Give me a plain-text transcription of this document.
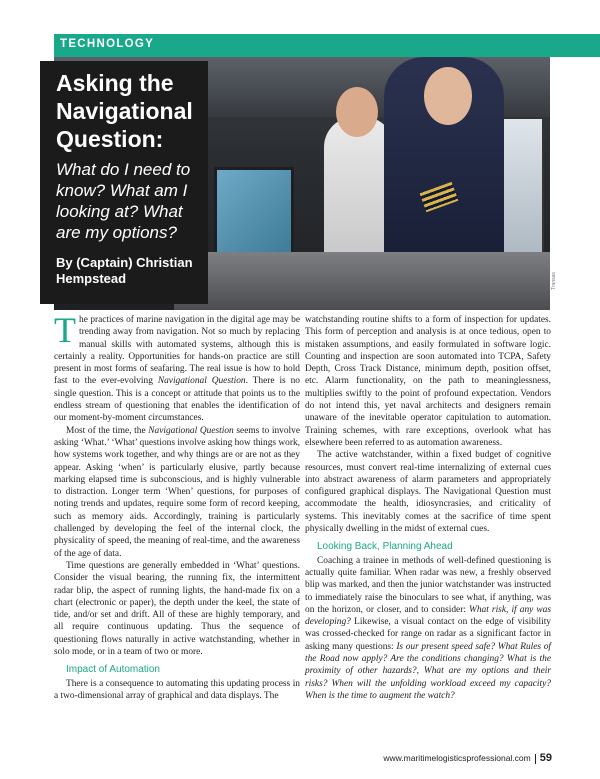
TECHNOLOGY
Transas
Asking the Navigational Question:
What do I need to know? What am I looking at? What are my options?
By (Captain) Christian Hempstead

The practices of marine navigation in the digital age may be trending away from navigation. Not so much by replacing manual skills with automated systems, although this is certainly a reality. Opportunities for hands-on practice are still present in most forms of seafaring. The real issue is how to hold fast to the ever-evolving Navigational Question. There is no single question. This is a concept or attitude that points us to the endless stream of questioning that enables the identification of our moment-by-moment circumstances.

Most of the time, the Navigational Question seems to involve asking ‘What.’ ‘What’ questions involve asking how things work, how systems work together, and why things are or are not as they appear. Asking ‘when’ is particularly elusive, partly because marking elapsed time is subconscious, and is highly vulnerable to distraction. Longer term ‘When’ questions, for purposes of noting trends and updates, require some form of record keeping, such as memory aids. Accordingly, training is particularly challenged by developing the feel of the internal clock, the physicality of speed, the meaning of real-time, and the awareness of the age of data.

Time questions are generally embedded in ‘What’ questions. Consider the visual bearing, the running fix, the intermittent radar blip, the aspect of running lights, the hand-made fix on a chart (electronic or paper), the depth under the keel, the state of tide, and/or set and drift. All of these are highly temporary, and all require continuous updating. Thus the sequence of questioning flows naturally in active watchstanding, whether in solo mode, or in a team of two or more.

Impact of Automation

There is a consequence to automating this updating process in a two-dimensional array of graphical and data displays. The

watchstanding routine shifts to a form of inspection for updates. This form of perception and analysis is at once tedious, open to mistaken assumptions, and easily formulated in software logic. Counting and inspection are soon automated into TCPA, Safety Depth, Cross Track Distance, minimum depth, position offset, etc. Alarm functionality, on the path to meaninglessness, multiplies swiftly to the point of profound expectation. Vendors do not intend this, yet naval architects and designers remain unaware of the inevitable operator capitulation to automation. Training schemes, with rare exceptions, overlook what has elsewhere been referred to as automation awareness.

The active watchstander, within a fixed budget of cognitive resources, must convert real-time internalizing of external cues into abstract awareness of alarm parameters and appropriately configured graphical displays. The Navigational Question must accommodate the health, idiosyncrasies, and criticality of systems. This inevitably comes at the sacrifice of time spent physically dwelling in the midst of external cues.

Looking Back, Planning Ahead

Coaching a trainee in methods of well-defined questioning is actually quite familiar. When radar was new, a freshly observed blip was marked, and then the junior watchstander was instructed to immediately raise the binoculars to see what, if anything, was on the horizon, or closer, and to consider: What risk, if any was developing? Likewise, a visual contact on the edge of visibility was crossed-checked for range on radar as a significant factor in asking many questions: Is our present speed safe? What Rules of the Road now apply? Are the conditions changing? What is the proximity of other hazards?, What are my options and their risks? When will the unfolding workload exceed my capacity? When is the time to augment the watch?

www.maritimelogisticsprofessional.com 59
